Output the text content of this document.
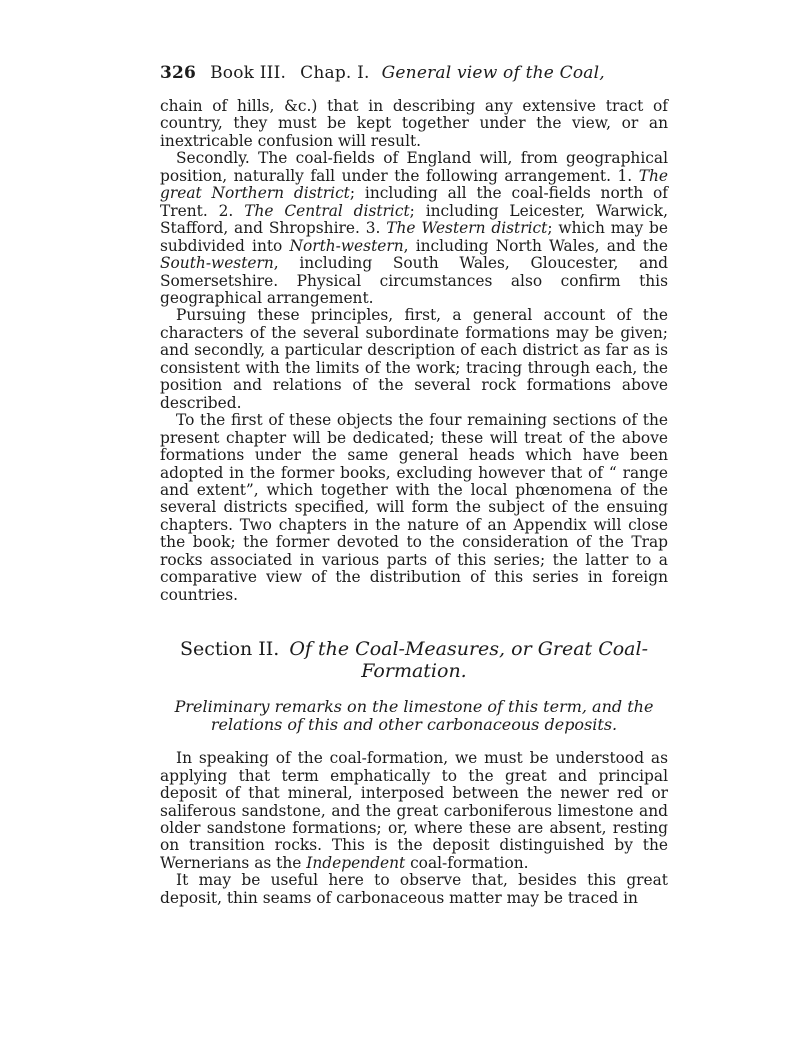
326 Book III. Chap. I. General view of the Coal,

chain of hills, &c.) that in describing any extensive tract of country, they must be kept together under the view, or an inextricable confusion will result.

Secondly. The coal-fields of England will, from geographical position, naturally fall under the following arrangement. 1. The great Northern district; including all the coal-fields north of Trent. 2. The Central district; including Leicester, Warwick, Stafford, and Shropshire. 3. The Western district; which may be subdivided into North-western, including North Wales, and the South-western, including South Wales, Gloucester, and Somersetshire. Physical circumstances also confirm this geographical arrangement.

Pursuing these principles, first, a general account of the characters of the several subordinate formations may be given; and secondly, a particular description of each district as far as is consistent with the limits of the work; tracing through each, the position and relations of the several rock formations above described.

To the first of these objects the four remaining sections of the present chapter will be dedicated; these will treat of the above formations under the same general heads which have been adopted in the former books, excluding however that of “ range and extent”, which together with the local phœnomena of the several districts specified, will form the subject of the ensuing chapters. Two chapters in the nature of an Appendix will close the book; the former devoted to the consideration of the Trap rocks associated in various parts of this series; the latter to a comparative view of the distribution of this series in foreign countries.

Section II. Of the Coal-Measures, or Great Coal-Formation.
Preliminary remarks on the limestone of this term, and the relations of this and other carbonaceous deposits.

In speaking of the coal-formation, we must be understood as applying that term emphatically to the great and principal deposit of that mineral, interposed between the newer red or saliferous sandstone, and the great carboniferous limestone and older sandstone formations; or, where these are absent, resting on transition rocks. This is the deposit distinguished by the Wernerians as the Independent coal-formation.

It may be useful here to observe that, besides this great deposit, thin seams of carbonaceous matter may be traced in
